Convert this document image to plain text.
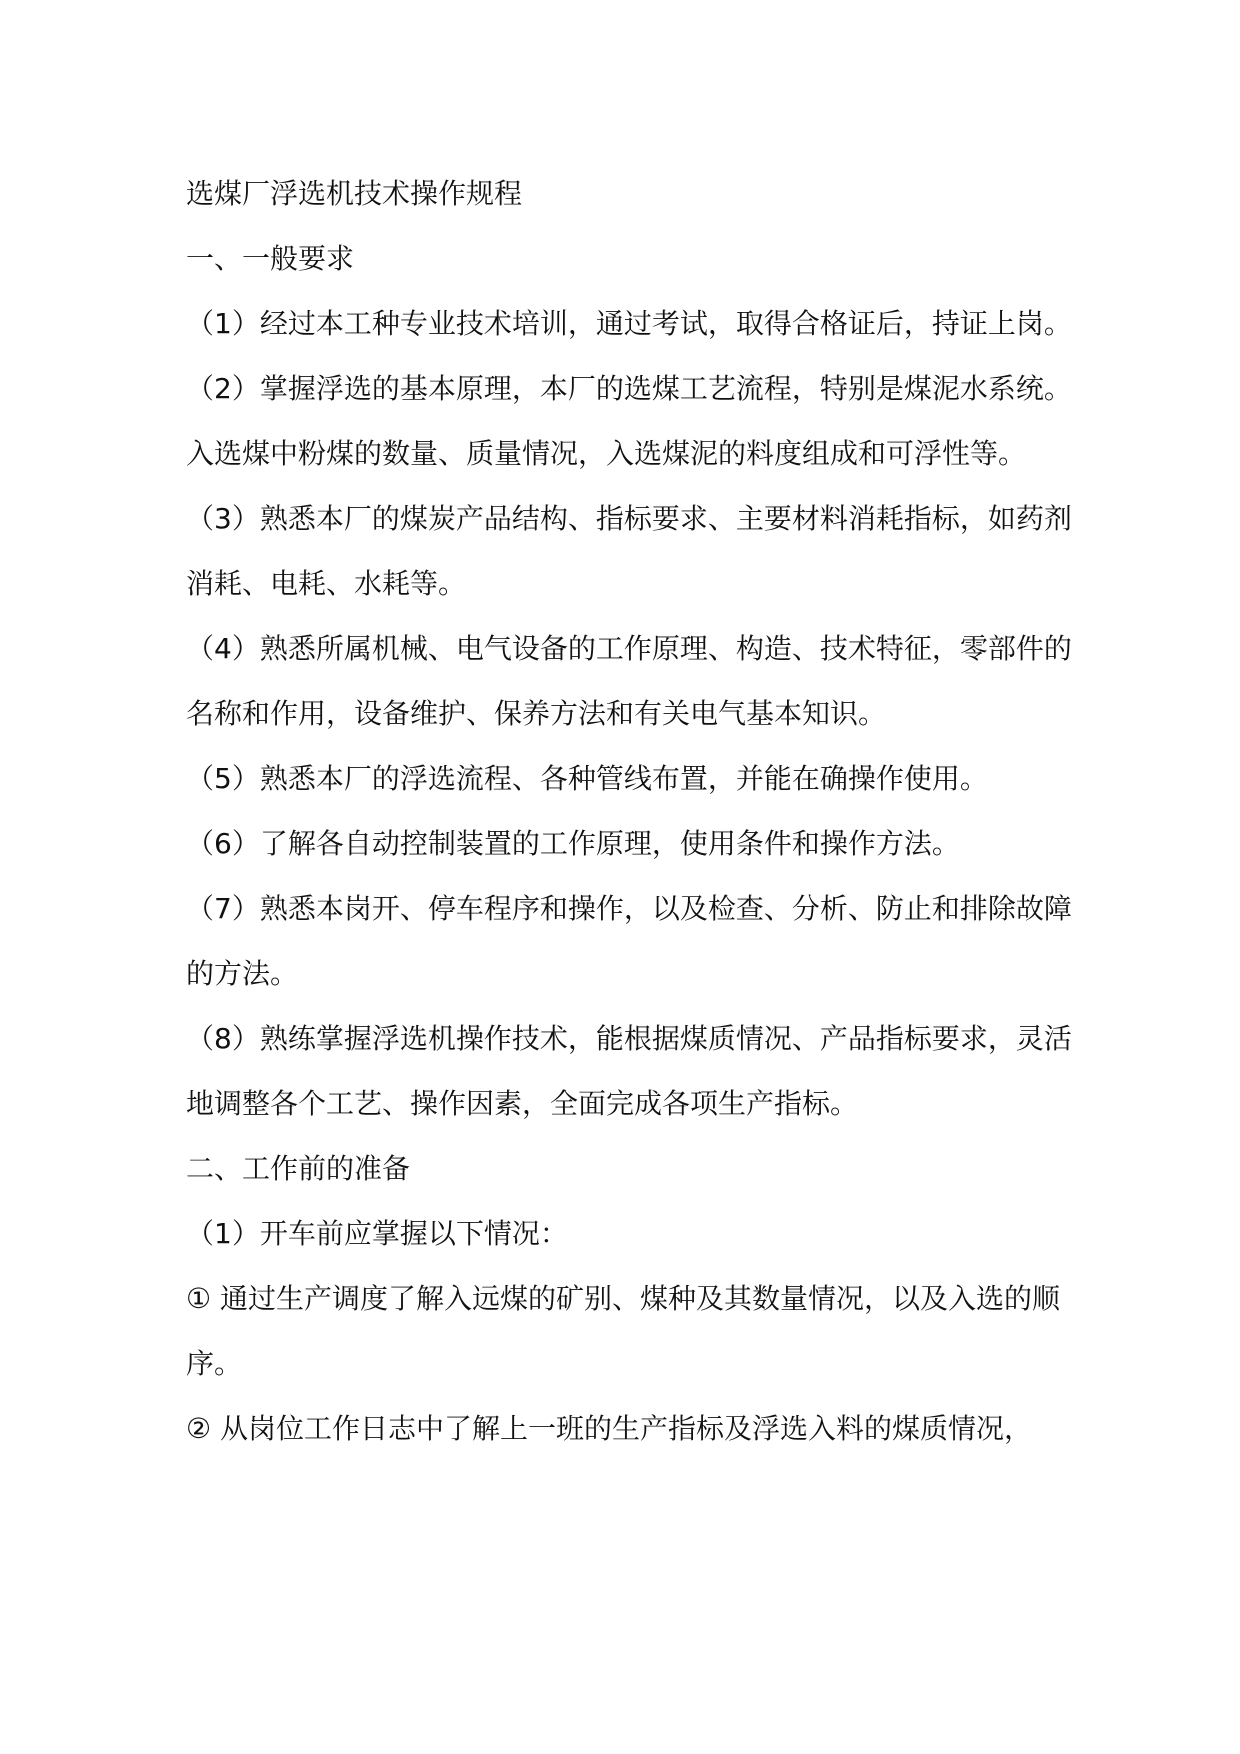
选煤厂浮选机技术操作规程

一、一般要求

（1）经过本工种专业技术培训，通过考试，取得合格证后，持证上岗。

（2）掌握浮选的基本原理，本厂的选煤工艺流程，特别是煤泥水系统。入选煤中粉煤的数量、质量情况，入选煤泥的料度组成和可浮性等。

（3）熟悉本厂的煤炭产品结构、指标要求、主要材料消耗指标，如药剂消耗、电耗、水耗等。

（4）熟悉所属机械、电气设备的工作原理、构造、技术特征，零部件的名称和作用，设备维护、保养方法和有关电气基本知识。

（5）熟悉本厂的浮选流程、各种管线布置，并能在确操作使用。

（6）了解各自动控制装置的工作原理，使用条件和操作方法。

（7）熟悉本岗开、停车程序和操作，以及检查、分析、防止和排除故障的方法。

（8）熟练掌握浮选机操作技术，能根据煤质情况、产品指标要求，灵活地调整各个工艺、操作因素，全面完成各项生产指标。

二、工作前的准备

（1）开车前应掌握以下情况：

① 通过生产调度了解入远煤的矿别、煤种及其数量情况，以及入选的顺序。

② 从岗位工作日志中了解上一班的生产指标及浮选入料的煤质情况，
